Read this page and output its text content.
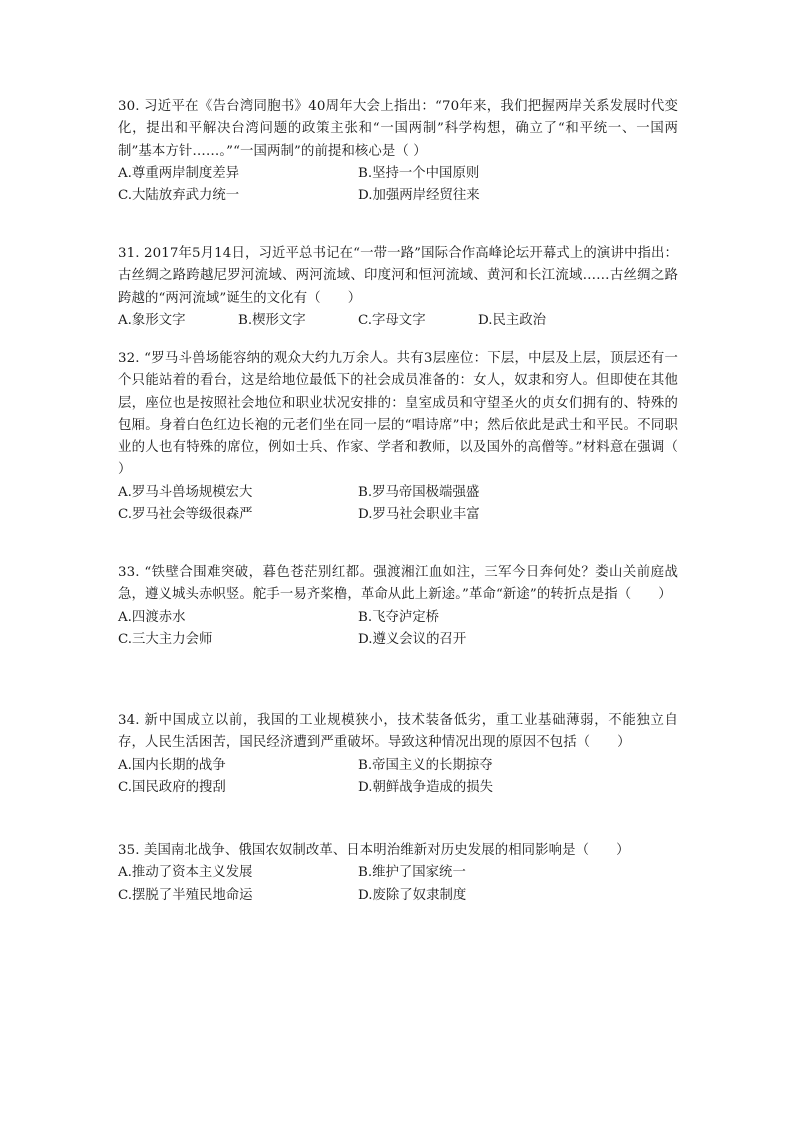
30. 习近平在《告台湾同胞书》40周年大会上指出：“70年来，我们把握两岸关系发展时代变化，提出和平解决台湾问题的政策主张和“一国两制”科学构想，确立了“和平统一、一国两制”基本方针……。”“一国两制”的前提和核心是（ ）

A.尊重两岸制度差异	B.坚持一个中国原则
C.大陆放弃武力统一	D.加强两岸经贸往来

31. 2017年5月14日，习近平总书记在“一带一路”国际合作高峰论坛开幕式上的演讲中指出：古丝绸之路跨越尼罗河流域、两河流域、印度河和恒河流域、黄河和长江流域……古丝绸之路跨越的“两河流域”诞生的文化有（　　）

A.象形文字	B.楔形文字	C.字母文字	D.民主政治

32. “罗马斗兽场能容纳的观众大约九万余人。共有3层座位：下层，中层及上层，顶层还有一个只能站着的看台，这是给地位最低下的社会成员准备的：女人，奴隶和穷人。但即使在其他层，座位也是按照社会地位和职业状况安排的：皇室成员和守望圣火的贞女们拥有的、特殊的包厢。身着白色红边长袍的元老们坐在同一层的“唱诗席”中；然后依此是武士和平民。不同职业的人也有特殊的席位，例如士兵、作家、学者和教师，以及国外的高僧等。”材料意在强调（ ）

A.罗马斗兽场规模宏大	B.罗马帝国极端强盛
C.罗马社会等级很森严	D.罗马社会职业丰富

33. “铁壁合围难突破，暮色苍茫别红都。强渡湘江血如注，三军今日奔何处？娄山关前庭战急，遵义城头赤帜竖。舵手一易齐桨橹，革命从此上新途。”革命“新途”的转折点是指（　　）

A.四渡赤水	B.飞夺泸定桥
C.三大主力会师	D.遵义会议的召开

34. 新中国成立以前，我国的工业规模狭小，技术装备低劣，重工业基础薄弱，不能独立自存，人民生活困苦，国民经济遭到严重破坏。导致这种情况出现的原因不包括（　　）

A.国内长期的战争	B.帝国主义的长期掠夺
C.国民政府的搜刮	D.朝鲜战争造成的损失

35. 美国南北战争、俄国农奴制改革、日本明治维新对历史发展的相同影响是（　　）

A.推动了资本主义发展	B.维护了国家统一
C.摆脱了半殖民地命运	D.废除了奴隶制度
